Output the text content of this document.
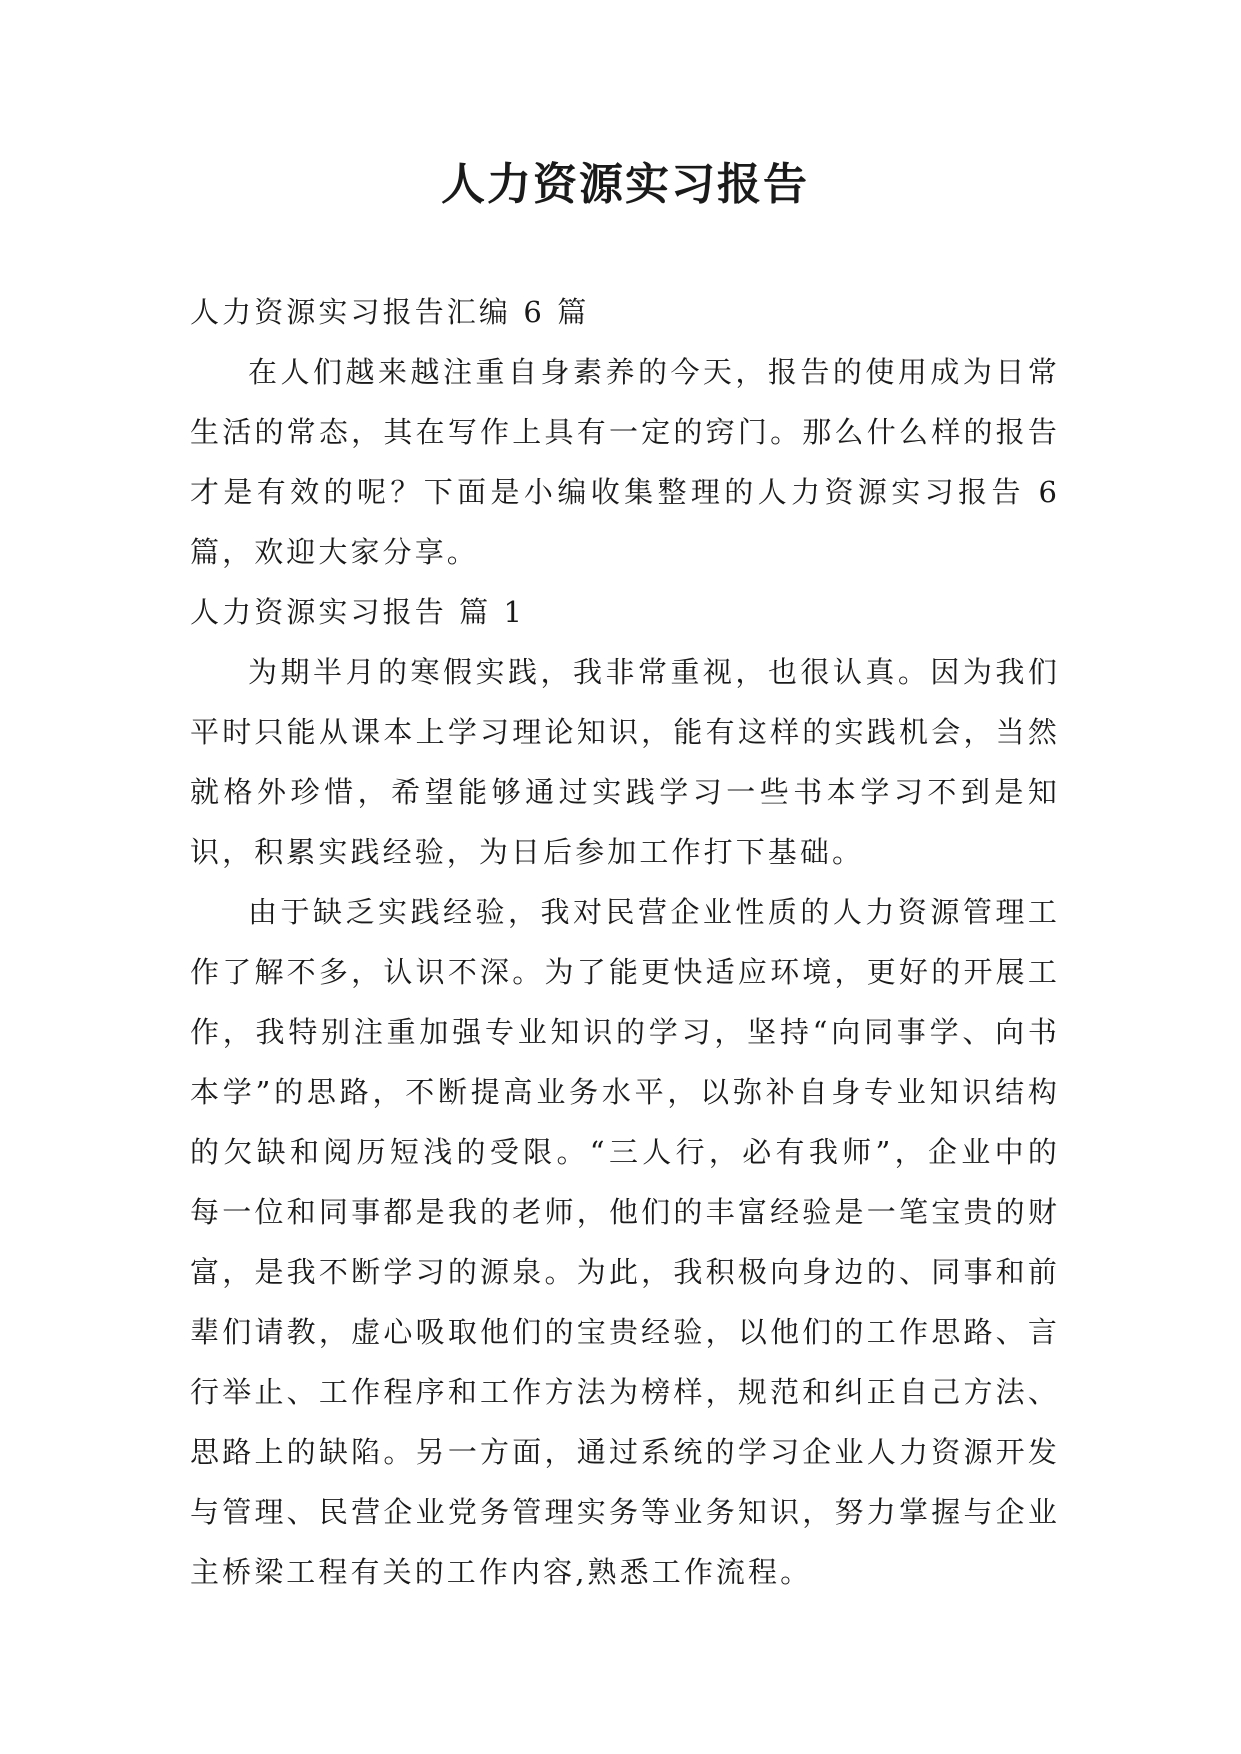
人力资源实习报告

人力资源实习报告汇编 6 篇

在人们越来越注重自身素养的今天，报告的使用成为日常生活的常态，其在写作上具有一定的窍门。那么什么样的报告才是有效的呢？下面是小编收集整理的人力资源实习报告 6 篇，欢迎大家分享。

人力资源实习报告 篇 1

为期半月的寒假实践，我非常重视，也很认真。因为我们平时只能从课本上学习理论知识，能有这样的实践机会，当然就格外珍惜，希望能够通过实践学习一些书本学习不到是知识，积累实践经验，为日后参加工作打下基础。

由于缺乏实践经验，我对民营企业性质的人力资源管理工作了解不多，认识不深。为了能更快适应环境，更好的开展工作，我特别注重加强专业知识的学习，坚持“向同事学、向书本学”的思路，不断提高业务水平，以弥补自身专业知识结构的欠缺和阅历短浅的受限。“三人行，必有我师”，企业中的每一位和同事都是我的老师，他们的丰富经验是一笔宝贵的财富，是我不断学习的源泉。为此，我积极向身边的、同事和前辈们请教，虚心吸取他们的宝贵经验，以他们的工作思路、言行举止、工作程序和工作方法为榜样，规范和纠正自己方法、思路上的缺陷。另一方面，通过系统的学习企业人力资源开发与管理、民营企业党务管理实务等业务知识，努力掌握与企业主桥梁工程有关的工作内容,熟悉工作流程。
